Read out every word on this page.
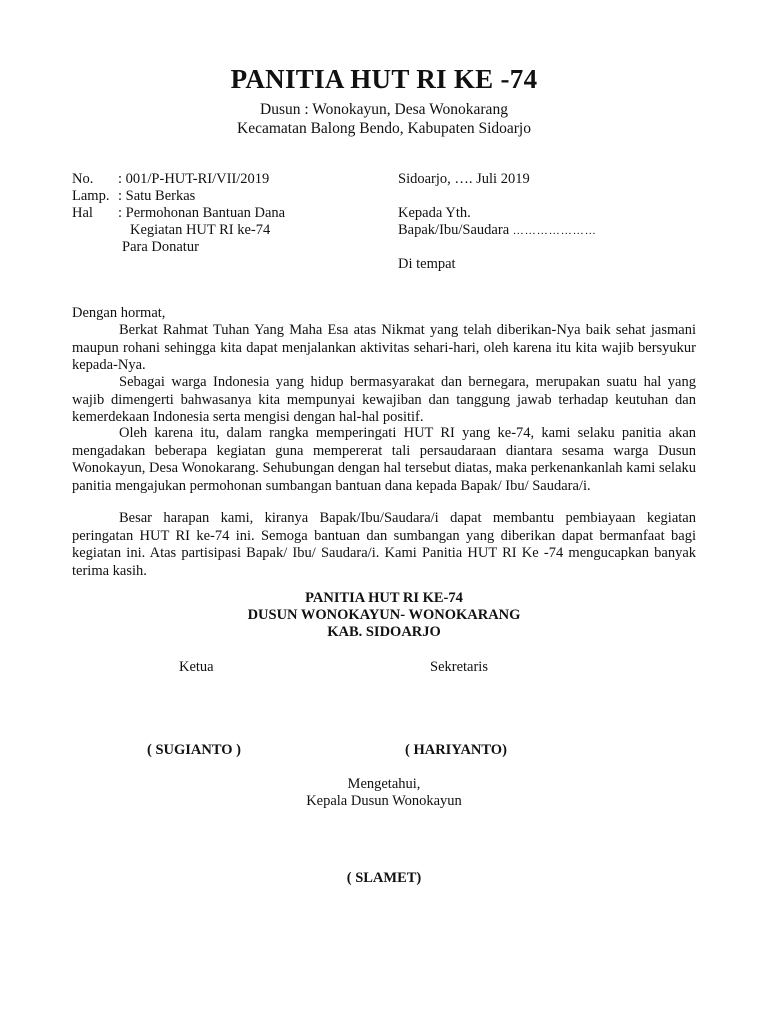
PANITIA HUT RI KE -74
Dusun : Wonokayun, Desa Wonokarang
Kecamatan Balong Bendo, Kabupaten Sidoarjo
No. : 001/P-HUT-RI/VII/2019
Lamp. : Satu Berkas
Hal : Permohonan Bantuan Dana
Kegiatan HUT RI ke-74
Para Donatur
Sidoarjo, …. Juli 2019
Kepada Yth.
Bapak/Ibu/Saudara …………………
Di tempat
Dengan hormat,
Berkat Rahmat Tuhan Yang Maha Esa atas Nikmat yang telah diberikan-Nya baik sehat jasmani maupun rohani sehingga kita dapat menjalankan aktivitas sehari-hari, oleh karena itu kita wajib bersyukur kepada-Nya.
Sebagai warga Indonesia yang hidup bermasyarakat dan bernegara, merupakan suatu hal yang wajib dimengerti bahwasanya kita mempunyai kewajiban dan tanggung jawab terhadap keutuhan dan kemerdekaan Indonesia serta mengisi dengan hal-hal positif.
Oleh karena itu, dalam rangka memperingati HUT RI yang ke-74, kami selaku panitia akan mengadakan beberapa kegiatan guna mempererat tali persaudaraan diantara sesama warga Dusun Wonokayun, Desa Wonokarang. Sehubungan dengan hal tersebut diatas, maka perkenankanlah kami selaku panitia mengajukan permohonan sumbangan bantuan dana kepada Bapak/ Ibu/ Saudara/i.
Besar harapan kami, kiranya Bapak/Ibu/Saudara/i dapat membantu pembiayaan kegiatan peringatan HUT RI ke-74 ini. Semoga bantuan dan sumbangan yang diberikan dapat bermanfaat bagi kegiatan ini. Atas partisipasi Bapak/ Ibu/ Saudara/i. Kami Panitia HUT RI Ke -74 mengucapkan banyak terima kasih.
PANITIA HUT RI KE-74
DUSUN WONOKAYUN- WONOKARANG
KAB. SIDOARJO
Ketua	Sekretaris
( SUGIANTO )	( HARIYANTO)
Mengetahui,
Kepala Dusun Wonokayun
( SLAMET)
